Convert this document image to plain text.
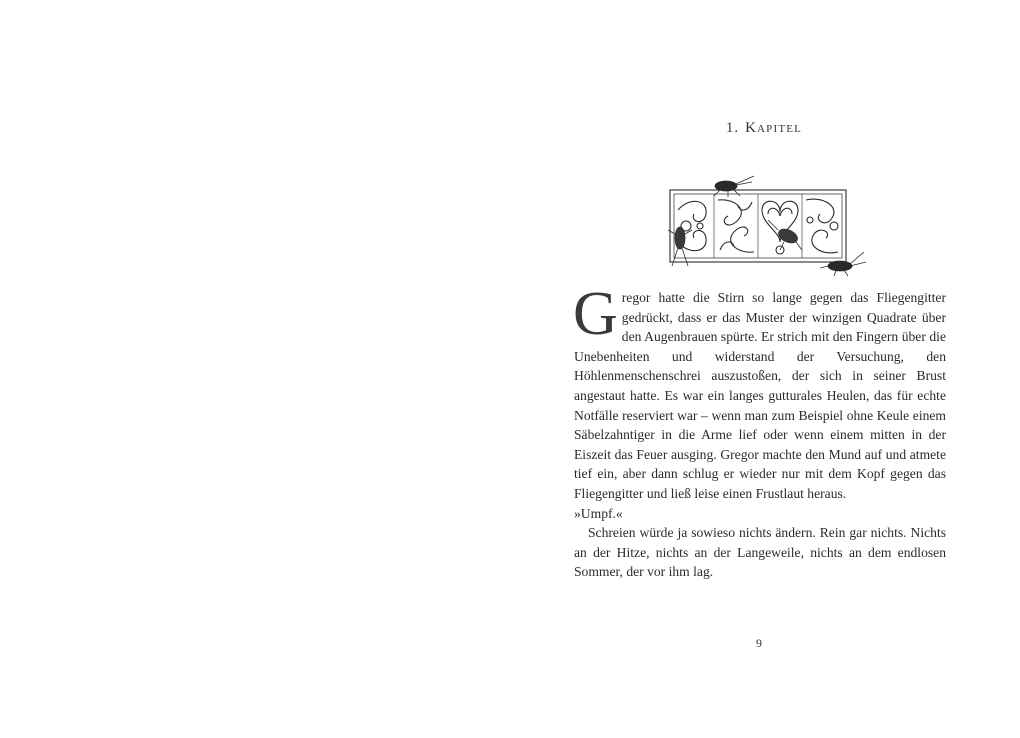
1. KAPITEL

Gregor hatte die Stirn so lange gegen das Fliegengitter gedrückt, dass er das Muster der winzigen Quadrate über den Augenbrauen spürte. Er strich mit den Fingern über die Unebenheiten und widerstand der Versuchung, den Höhlenmenschenschrei auszustoßen, der sich in seiner Brust angestaut hatte. Es war ein langes gutturales Heulen, das für echte Notfälle reserviert war – wenn man zum Beispiel ohne Keule einem Säbelzahntiger in die Arme lief oder wenn einem mitten in der Eiszeit das Feuer ausging. Gregor machte den Mund auf und atmete tief ein, aber dann schlug er wieder nur mit dem Kopf gegen das Fliegengitter und ließ leise einen Frustlaut heraus.

»Umpf.«

Schreien würde ja sowieso nichts ändern. Rein gar nichts. Nichts an der Hitze, nichts an der Langeweile, nichts an dem endlosen Sommer, der vor ihm lag.

9
